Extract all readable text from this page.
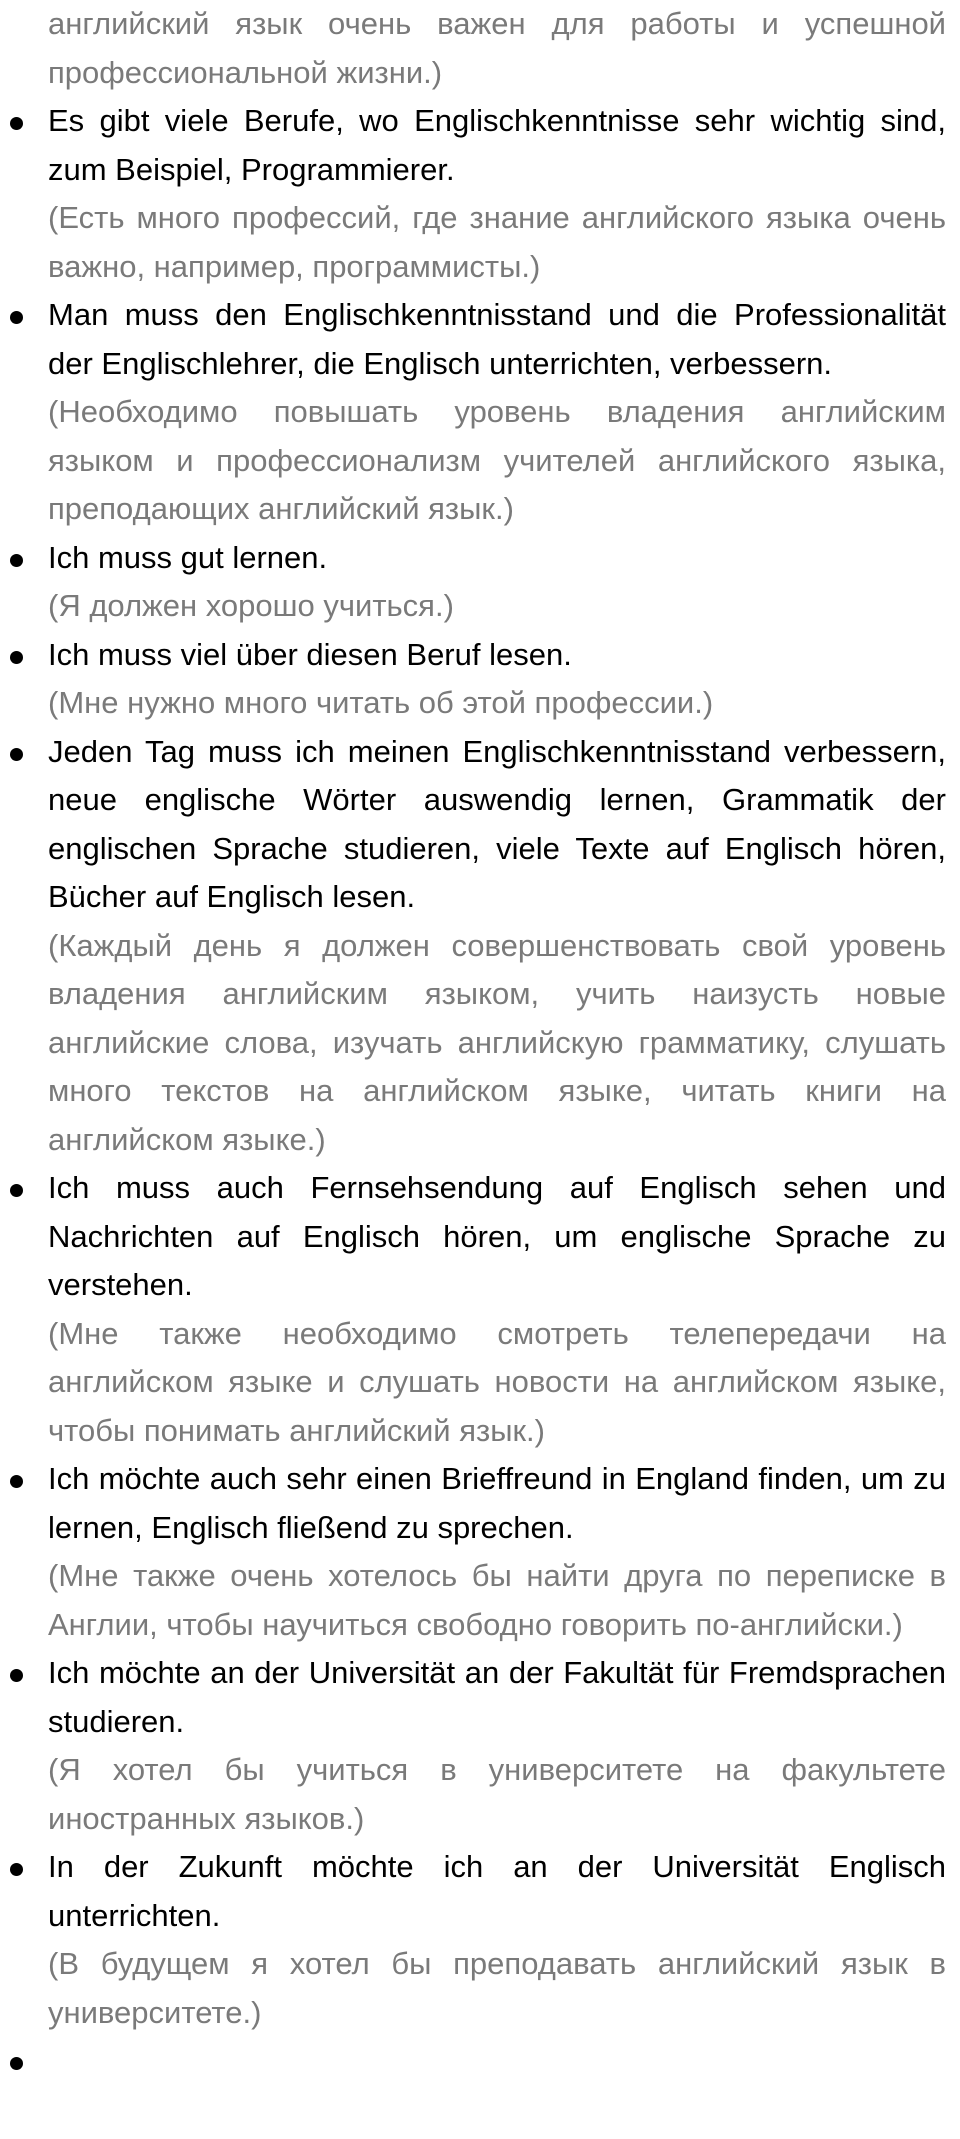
английский язык очень важен для работы и успешной профессиональной жизни.)

Es gibt viele Berufe, wo Englischkenntnisse sehr wichtig sind, zum Beispiel, Programmierer.
(Есть много профессий, где знание английского языка очень важно, например, программисты.)
Man muss den Englischkenntnisstand und die Professionalität der Englischlehrer, die Englisch unterrichten, verbessern.
(Необходимо повышать уровень владения английским языком и профессионализм учителей английского языка, преподающих английский язык.)
Ich muss gut lernen.
(Я должен хорошо учиться.)
Ich muss viel über diesen Beruf lesen.
(Мне нужно много читать об этой профессии.)
Jeden Tag muss ich meinen Englischkenntnisstand verbessern, neue englische Wörter auswendig lernen, Grammatik der englischen Sprache studieren, viele Texte auf Englisch hören, Bücher auf Englisch lesen.
(Каждый день я должен совершенствовать свой уровень владения английским языком, учить наизусть новые английские слова, изучать английскую грамматику, слушать много текстов на английском языке, читать книги на английском языке.)
Ich muss auch Fernsehsendung auf Englisch sehen und Nachrichten auf Englisch hören, um englische Sprache zu verstehen.
(Мне также необходимо смотреть телепередачи на английском языке и слушать новости на английском языке, чтобы понимать английский язык.)
Ich möchte auch sehr einen Brieffreund in England finden, um zu lernen, Englisch fließend zu sprechen.
(Мне также очень хотелось бы найти друга по переписке в Англии, чтобы научиться свободно говорить по-английски.)
Ich möchte an der Universität an der Fakultät für Fremdsprachen studieren.
(Я хотел бы учиться в университете на факультете иностранных языков.)
In der Zukunft möchte ich an der Universität Englisch unterrichten.
(В будущем я хотел бы преподавать английский язык в университете.)
